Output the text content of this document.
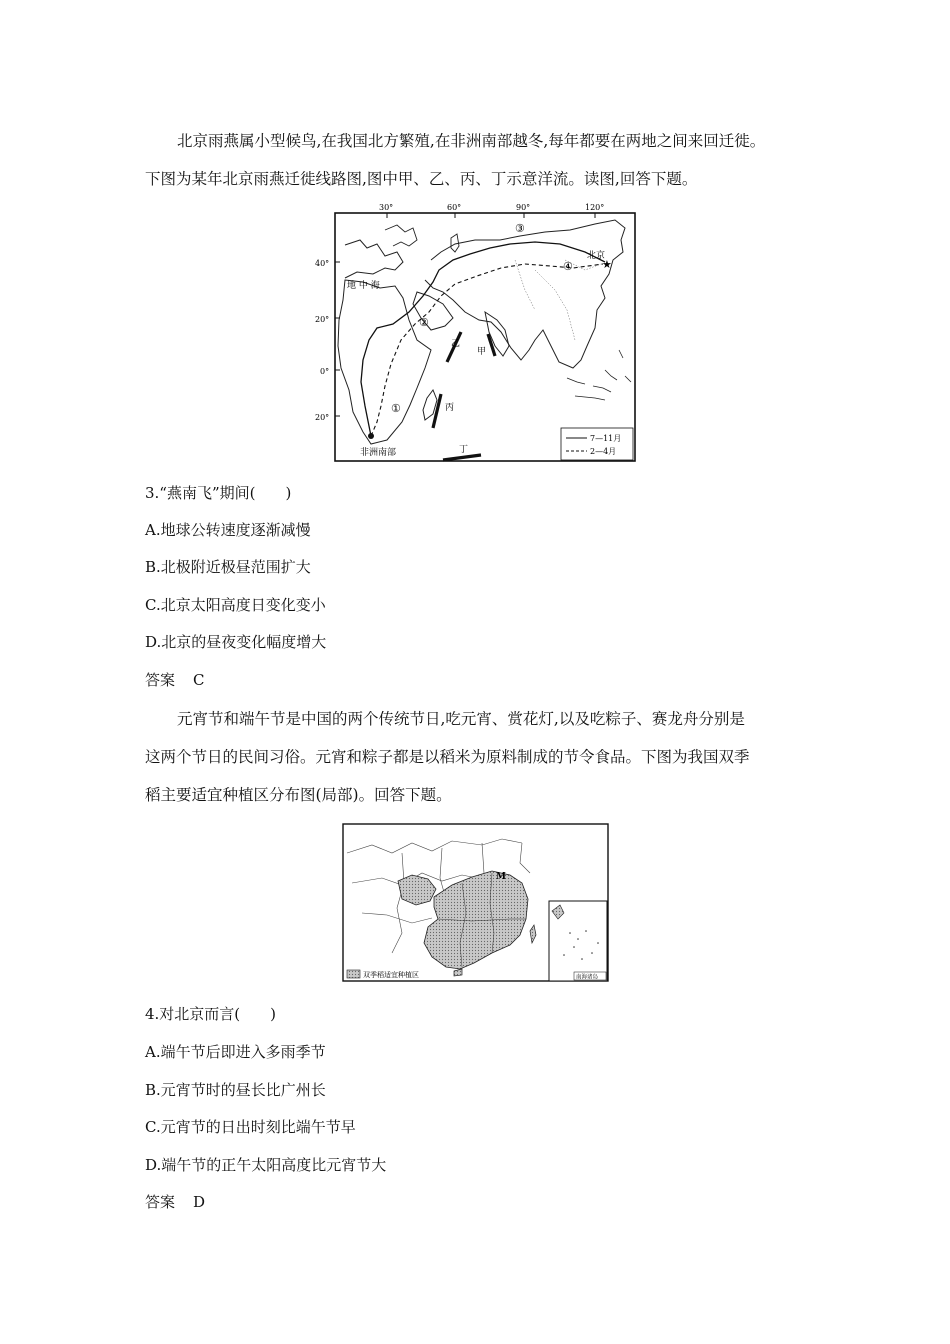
北京雨燕属小型候鸟,在我国北方繁殖,在非洲南部越冬,每年都要在两地之间来回迁徙。
下图为某年北京雨燕迁徙线路图,图中甲、乙、丙、丁示意洋流。读图,回答下题。

30°	60°	90°	120°
40°
20°
0°
20°
★
①
②
③
④
地 中 海
北京
非洲南部
甲
乙
丙
丁
7—11月
2—4月
3.“燕南飞”期间(　　)
A.地球公转速度逐渐减慢
B.北极附近极昼范围扩大
C.北京太阳高度日变化变小
D.北京的昼夜变化幅度增大
答案 C

元宵节和端午节是中国的两个传统节日,吃元宵、赏花灯,以及吃粽子、赛龙舟分别是
这两个节日的民间习俗。元宵和粽子都是以稻米为原料制成的节令食品。下图为我国双季
稻主要适宜种植区分布图(局部)。回答下题。

M
南海诸岛
双季稻适宜种植区
4.对北京而言(　　)
A.端午节后即进入多雨季节
B.元宵节时的昼长比广州长
C.元宵节的日出时刻比端午节早
D.端午节的正午太阳高度比元宵节大
答案 D
